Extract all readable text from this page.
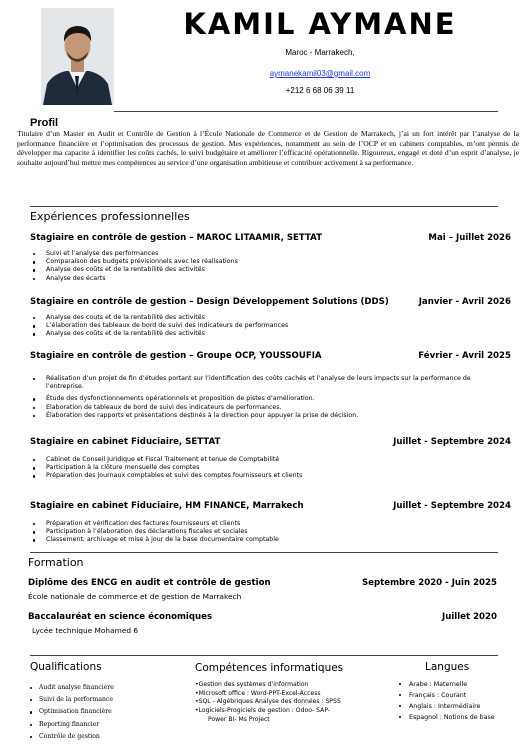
KAMIL AYMANE
Maroc - Marrakech,
aymanekamil03@gmail.com
+212 6 68 06 39 11
Profil
Titulaire d’un Master en Audit et Contrôle de Gestion à l’École Nationale de Commerce et de Gestion de Marrakech, j’ai un fort intérêt par l’analyse de la performance financière et l’optimisation des processus de gestion. Mes expériences, notamment au sein de l’OCP et en cabinets comptables, m’ont permis de développer ma capacite à identifier les coûts cachés, le suivi budgétaire et améliorer l’efficacité opérationnelle. Rigoureux, engagé et doté d’un esprit d’analyse, je souhaite aujourd’hui mettre mes compétences au service d’une organisation ambitieuse et contribuer activement à sa performance.
Expériences professionnelles
Stagiaire en contrôle de gestion – MAROC LITAAMIR, SETTAT	Mai – Juillet 2026
Suivi et l’analyse des performances
Comparaison des budgets prévisionnels avec les réalisations
Analyse des coûts et de la rentabilité des activités
Analyse des écarts
Stagiaire en contrôle de gestion – Design Développement Solutions (DDS)	Janvier - Avril 2026
Analyse des couts et de la rentabilité des activités
L’élaboration des tableaux de bord de suivi des indicateurs de performances
Analyse des coûts et de la rentabilité des activités
Stagiaire en contrôle de gestion – Groupe OCP, YOUSSOUFIA	Février - Avril 2025
Réalisation d’un projet de fin d’études portant sur l’identification des coûts cachés et l’analyse de leurs impacts sur la performance de l’entreprise.
Étude des dysfonctionnements opérationnels et proposition de pistes d’amélioration.
Elaboration de tableaux de bord de suivi des indicateurs de performances.
Élaboration des rapports et présentations destinés à la direction pour appuyer la prise de décision.
Stagiaire en cabinet Fiduciaire, SETTAT	Juillet - Septembre 2024
Cabinet de Conseil Juridique et Fiscal Traitement et tenue de Comptabilité
Participation à la clôture mensuelle des comptes
Préparation des journaux comptables et suivi des comptes fournisseurs et clients
Stagiaire en cabinet Fiduciaire, HM FINANCE, Marrakech	Juillet - Septembre 2024
Préparation et vérification des factures fournisseurs et clients
Participation à l’élaboration des déclarations fiscales et sociales
Classement, archivage et mise à jour de la base documentaire comptable
Formation
Diplôme des ENCG en audit et contrôle de gestion	Septembre 2020 - Juin 2025
École nationale de commerce et de gestion de Marrakech
Baccalauréat en science économiques	Juillet 2020
Lycée technique Mohamed 6
Qualifications
Audit analyse financière
Suivi de la performance
Optimisation financière
Reporting financier
Contrôle de gestion
Compétences informatiques
•Gestion des systèmes d’information
•Microsoft office : Word-PPT-Excel-Access
•SQL - Algébriques Analyse des données : SPSS
•Logiciels-Progiciels de gestion : Odoo- SAP-
Power BI- Ms Project
Langues
Arabe : Maternelle
Français : Courant
Anglais : Intermédiaire
Espagnol : Notions de base
